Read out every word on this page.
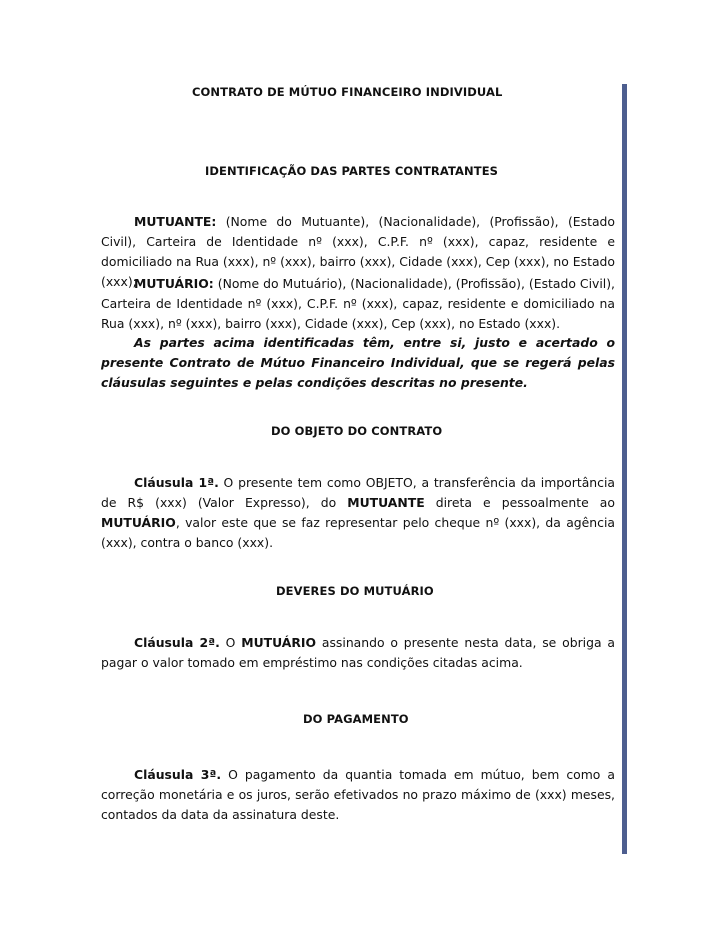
CONTRATO DE MÚTUO FINANCEIRO INDIVIDUAL
IDENTIFICAÇÃO DAS PARTES CONTRATANTES
MUTUANTE: (Nome do Mutuante), (Nacionalidade), (Profissão), (Estado Civil), Carteira de Identidade nº (xxx), C.P.F. nº (xxx), capaz, residente e domiciliado na Rua (xxx), nº (xxx), bairro (xxx), Cidade (xxx), Cep (xxx), no Estado (xxx);
MUTUÁRIO: (Nome do Mutuário), (Nacionalidade), (Profissão), (Estado Civil), Carteira de Identidade nº (xxx), C.P.F. nº (xxx), capaz, residente e domiciliado na Rua (xxx), nº (xxx), bairro (xxx), Cidade (xxx), Cep (xxx), no Estado (xxx).
As partes acima identificadas têm, entre si, justo e acertado o presente Contrato de Mútuo Financeiro Individual, que se regerá pelas cláusulas seguintes e pelas condições descritas no presente.
DO OBJETO DO CONTRATO
Cláusula 1ª. O presente tem como OBJETO, a transferência da importância de R$ (xxx) (Valor Expresso), do MUTUANTE direta e pessoalmente ao MUTUÁRIO, valor este que se faz representar pelo cheque nº (xxx), da agência (xxx), contra o banco (xxx).
DEVERES DO MUTUÁRIO
Cláusula 2ª. O MUTUÁRIO assinando o presente nesta data, se obriga a pagar o valor tomado em empréstimo nas condições citadas acima.
DO PAGAMENTO
Cláusula 3ª. O pagamento da quantia tomada em mútuo, bem como a correção monetária e os juros, serão efetivados no prazo máximo de (xxx) meses, contados da data da assinatura deste.
